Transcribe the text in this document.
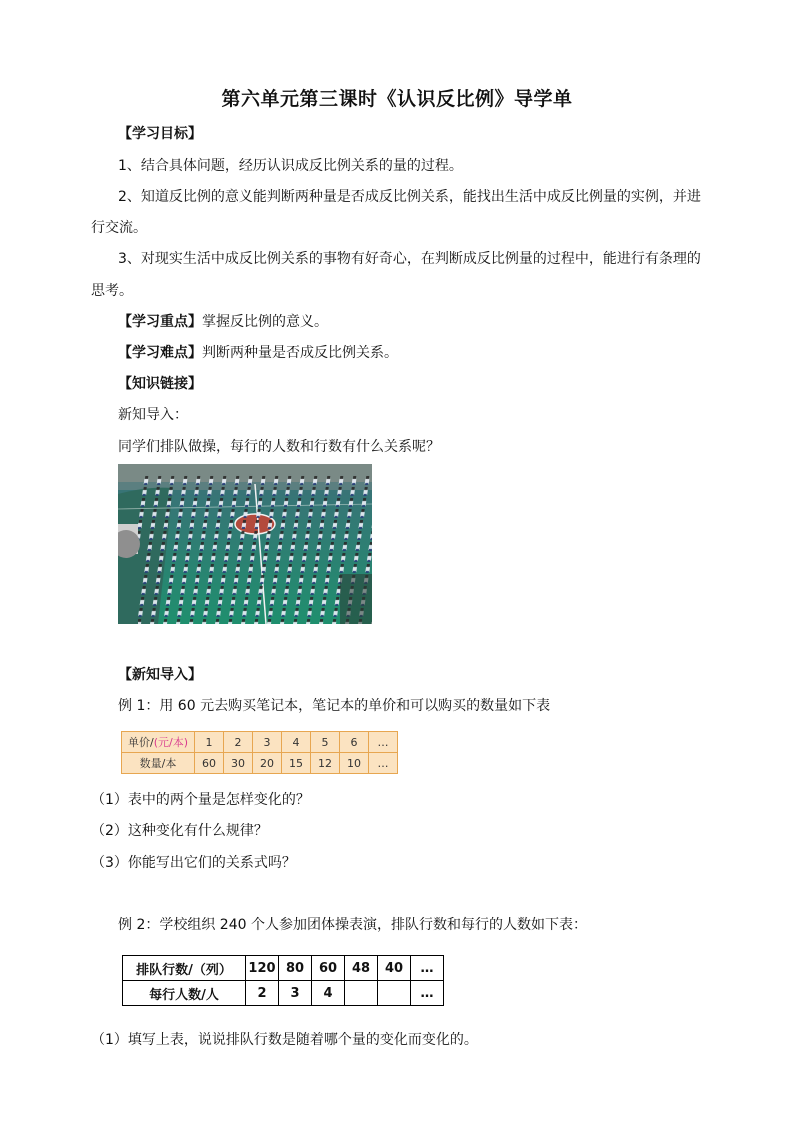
第六单元第三课时《认识反比例》导学单
【学习目标】
1、结合具体问题，经历认识成反比例关系的量的过程。
2、知道反比例的意义能判断两种量是否成反比例关系，能找出生活中成反比例量的实例，并进
行交流。
3、对现实生活中成反比例关系的事物有好奇心，在判断成反比例量的过程中，能进行有条理的
思考。
【学习重点】掌握反比例的意义。
【学习难点】判断两种量是否成反比例关系。
【知识链接】
新知导入：
同学们排队做操，每行的人数和行数有什么关系呢？
【新知导入】
例 1：用 60 元去购买笔记本，笔记本的单价和可以购买的数量如下表
单价/(元/本)	1	2	3	4	5	6	…
数量/本	60	30	20	15	12	10	…
（1）表中的两个量是怎样变化的？
（2）这种变化有什么规律？
（3）你能写出它们的关系式吗？
例 2：学校组织 240 个人参加团体操表演，排队行数和每行的人数如下表：
排队行数/（列）	120	80	60	48	40	…
每行人数/人	2	3	4			…
（1）填写上表，说说排队行数是随着哪个量的变化而变化的。
